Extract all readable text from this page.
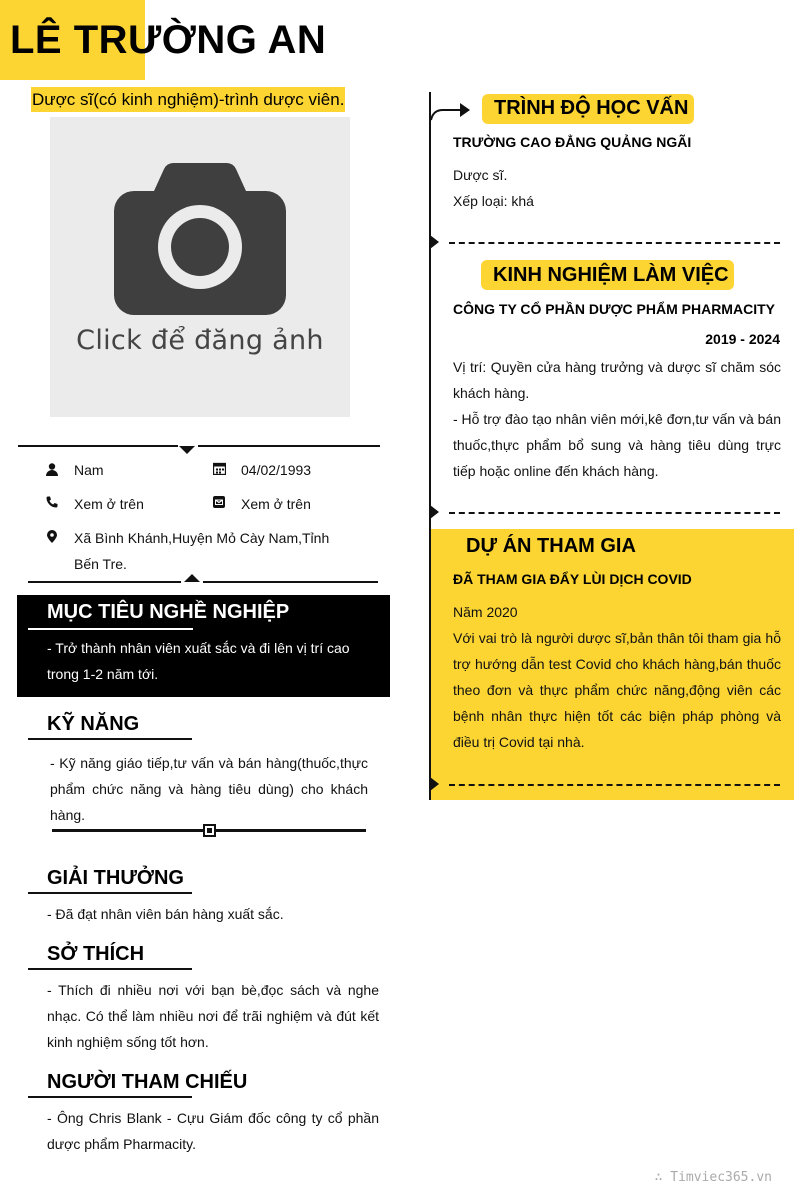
LÊ TRƯỜNG AN
Dược sĩ(có kinh nghiệm)-trình dược viên.
Click để đăng ảnh
Nam	04/02/1993
Xem ở trên	Xem ở trên
Xã Bình Khánh,Huyện Mỏ Cày Nam,Tỉnh
Bến Tre.
MỤC TIÊU NGHỀ NGHIỆP
- Trở thành nhân viên xuất sắc và đi lên vị trí cao trong 1-2 năm tới.
KỸ NĂNG
- Kỹ năng giáo tiếp,tư vấn và bán hàng(thuốc,thực phẩm chức năng và hàng tiêu dùng) cho khách hàng.
GIẢI THƯỞNG
- Đã đạt nhân viên bán hàng xuất sắc.
SỞ THÍCH
- Thích đi nhiều nơi với bạn bè,đọc sách và nghe nhạc. Có thể làm nhiều nơi để trãi nghiệm và đút kết kinh nghiệm sống tốt hơn.
NGƯỜI THAM CHIẾU
- Ông Chris Blank - Cựu Giám đốc công ty cổ phần dược phẩm Pharmacity.
TRÌNH ĐỘ HỌC VẤN
TRƯỜNG CAO ĐẲNG QUẢNG NGÃI
Dược sĩ.
Xếp loại: khá
KINH NGHIỆM LÀM VIỆC
CÔNG TY CỔ PHẦN DƯỢC PHẨM PHARMACITY
2019 - 2024
Vị trí: Quyền cửa hàng trưởng và dược sĩ chăm sóc khách hàng.
- Hỗ trợ đào tạo nhân viên mới,kê đơn,tư vấn và bán thuốc,thực phẩm bổ sung và hàng tiêu dùng trực tiếp hoặc online đến khách hàng.
DỰ ÁN THAM GIA
ĐÃ THAM GIA ĐẨY LÙI DỊCH COVID
Năm 2020
Với vai trò là người dược sĩ,bản thân tôi tham gia hỗ trợ hướng dẫn test Covid cho khách hàng,bán thuốc theo đơn và thực phẩm chức năng,động viên các bệnh nhân thực hiện tốt các biện pháp phòng và điều trị Covid tại nhà.
∴ Timviec365.vn
